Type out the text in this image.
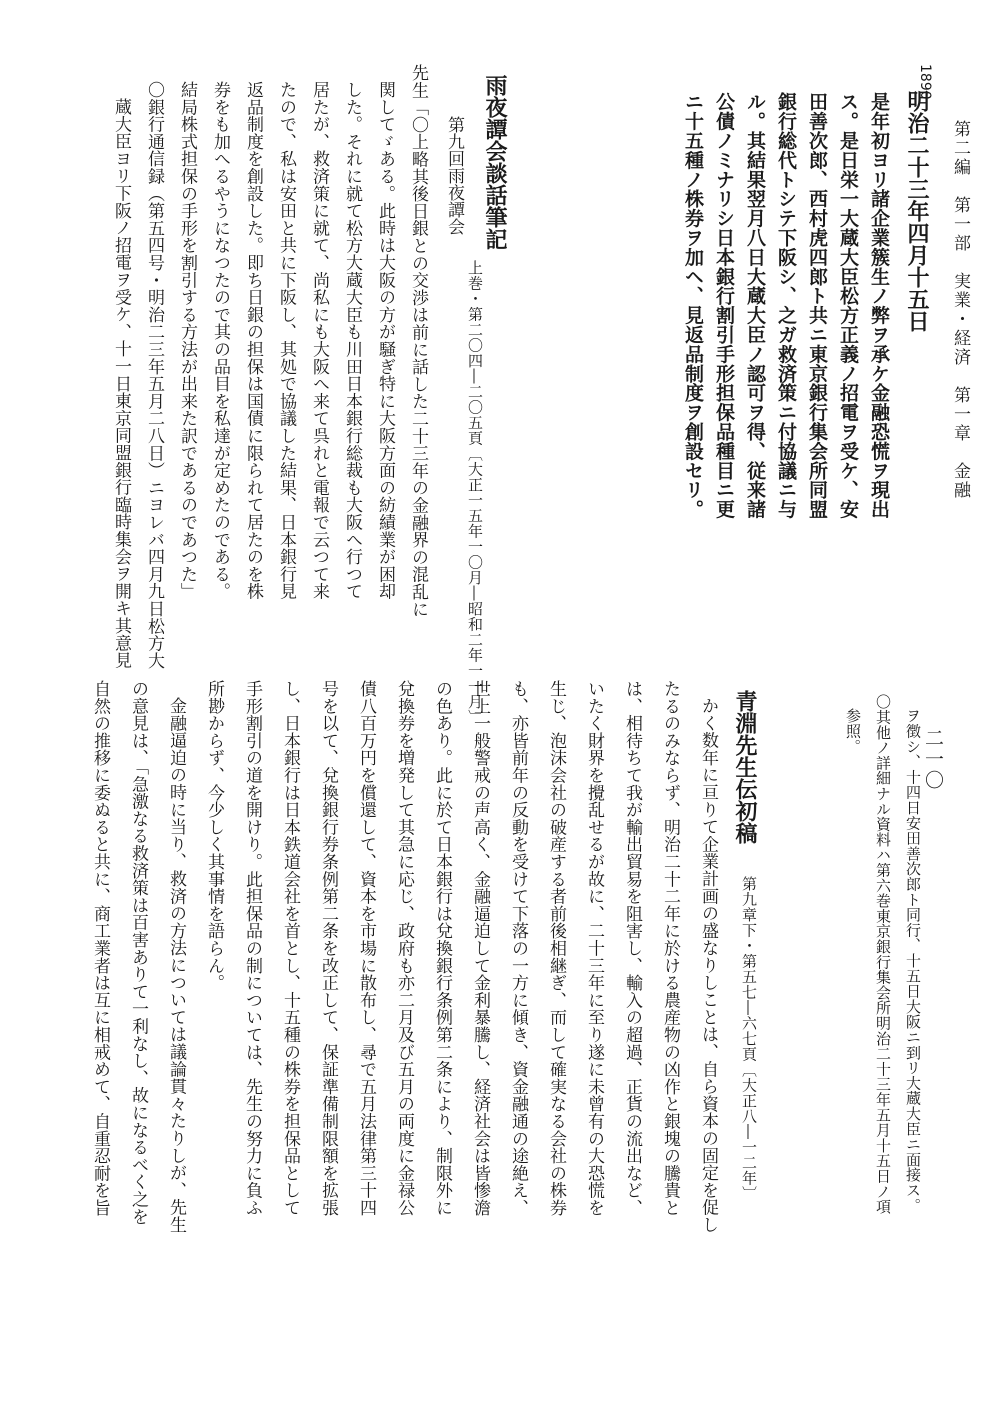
第二編　第一部　実業・経済　第一章　金融
二一〇
1890
明治二十三年四月十五日
是年初ヨリ諸企業簇生ノ弊ヲ承ケ金融恐慌ヲ現出
ス。是日栄一大蔵大臣松方正義ノ招電ヲ受ケ、安
田善次郎、西村虎四郎ト共ニ東京銀行集会所同盟
銀行総代トシテ下阪シ、之ガ救済策ニ付協議ニ与
ル。其結果翌月八日大蔵大臣ノ認可ヲ得、従来諸
公債ノミナリシ日本銀行割引手形担保品種目ニ更
ニ十五種ノ株券ヲ加ヘ、見返品制度ヲ創設セリ。
雨夜譚会談話筆記
上巻・第二〇四―二〇五頁〔大正一五年一〇月―昭和二年一一月〕
第九回雨夜譚会
先生「〇上略其後日銀との交渉は前に話した二十三年の金融界の混乱に
関してゞある。此時は大阪の方が騒ぎ特に大阪方面の紡績業が困却
した。それに就て松方大蔵大臣も川田日本銀行総裁も大阪へ行つて
居たが、救済策に就て、尚私にも大阪へ来て呉れと電報で云つて来
たので、私は安田と共に下阪し、其処で協議した結果、日本銀行見
返品制度を創設した。即ち日銀の担保は国債に限られて居たのを株
券をも加へるやうになつたので其の品目を私達が定めたのである。
結局株式担保の手形を割引する方法が出来た訳であるのであつた」
〇銀行通信録（第五四号・明治二三年五月二八日）ニヨレバ四月九日松方大
蔵大臣ヨリ下阪ノ招電ヲ受ケ、十一日東京同盟銀行臨時集会ヲ開キ其意見
ヲ徴シ、十四日安田善次郎ト同行、十五日大阪ニ到リ大蔵大臣ニ面接ス。
〇其他ノ詳細ナル資料ハ第六巻東京銀行集会所明治二十三年五月十五日ノ項
参照。
青淵先生伝初稿
第九章下・第五七―六七頁〔大正八―一二年〕
かく数年に亘りて企業計画の盛なりしことは、自ら資本の固定を促し
たるのみならず、明治二十二年に於ける農産物の凶作と銀塊の騰貴と
は、相待ちて我が輸出貿易を阻害し、輸入の超過、正貨の流出など、
いたく財界を攪乱せるが故に、二十三年に至り遂に未曾有の大恐慌を
生じ、泡沫会社の破産する者前後相継ぎ、而して確実なる会社の株券
も、亦皆前年の反動を受けて下落の一方に傾き、資金融通の途絶え、
世上一般警戒の声高く、金融逼迫して金利暴騰し、経済社会は皆惨澹
の色あり。此に於て日本銀行は兌換銀行条例第二条により、制限外に
兌換券を増発して其急に応じ、政府も亦二月及び五月の両度に金禄公
債八百万円を償還して、資本を市場に散布し、尋で五月法律第三十四
号を以て、兌換銀行券条例第二条を改正して、保証準備制限額を拡張
し、日本銀行は日本鉄道会社を首とし、十五種の株券を担保品として
手形割引の道を開けり。此担保品の制については、先生の努力に負ふ
所尠からず、今少しく其事情を語らん。
金融逼迫の時に当り、救済の方法については議論貫々たりしが、先生
の意見は、「急激なる救済策は百害ありて一利なし、故になるべく之を
自然の推移に委ぬると共に、商工業者は互に相戒めて、自重忍耐を旨
